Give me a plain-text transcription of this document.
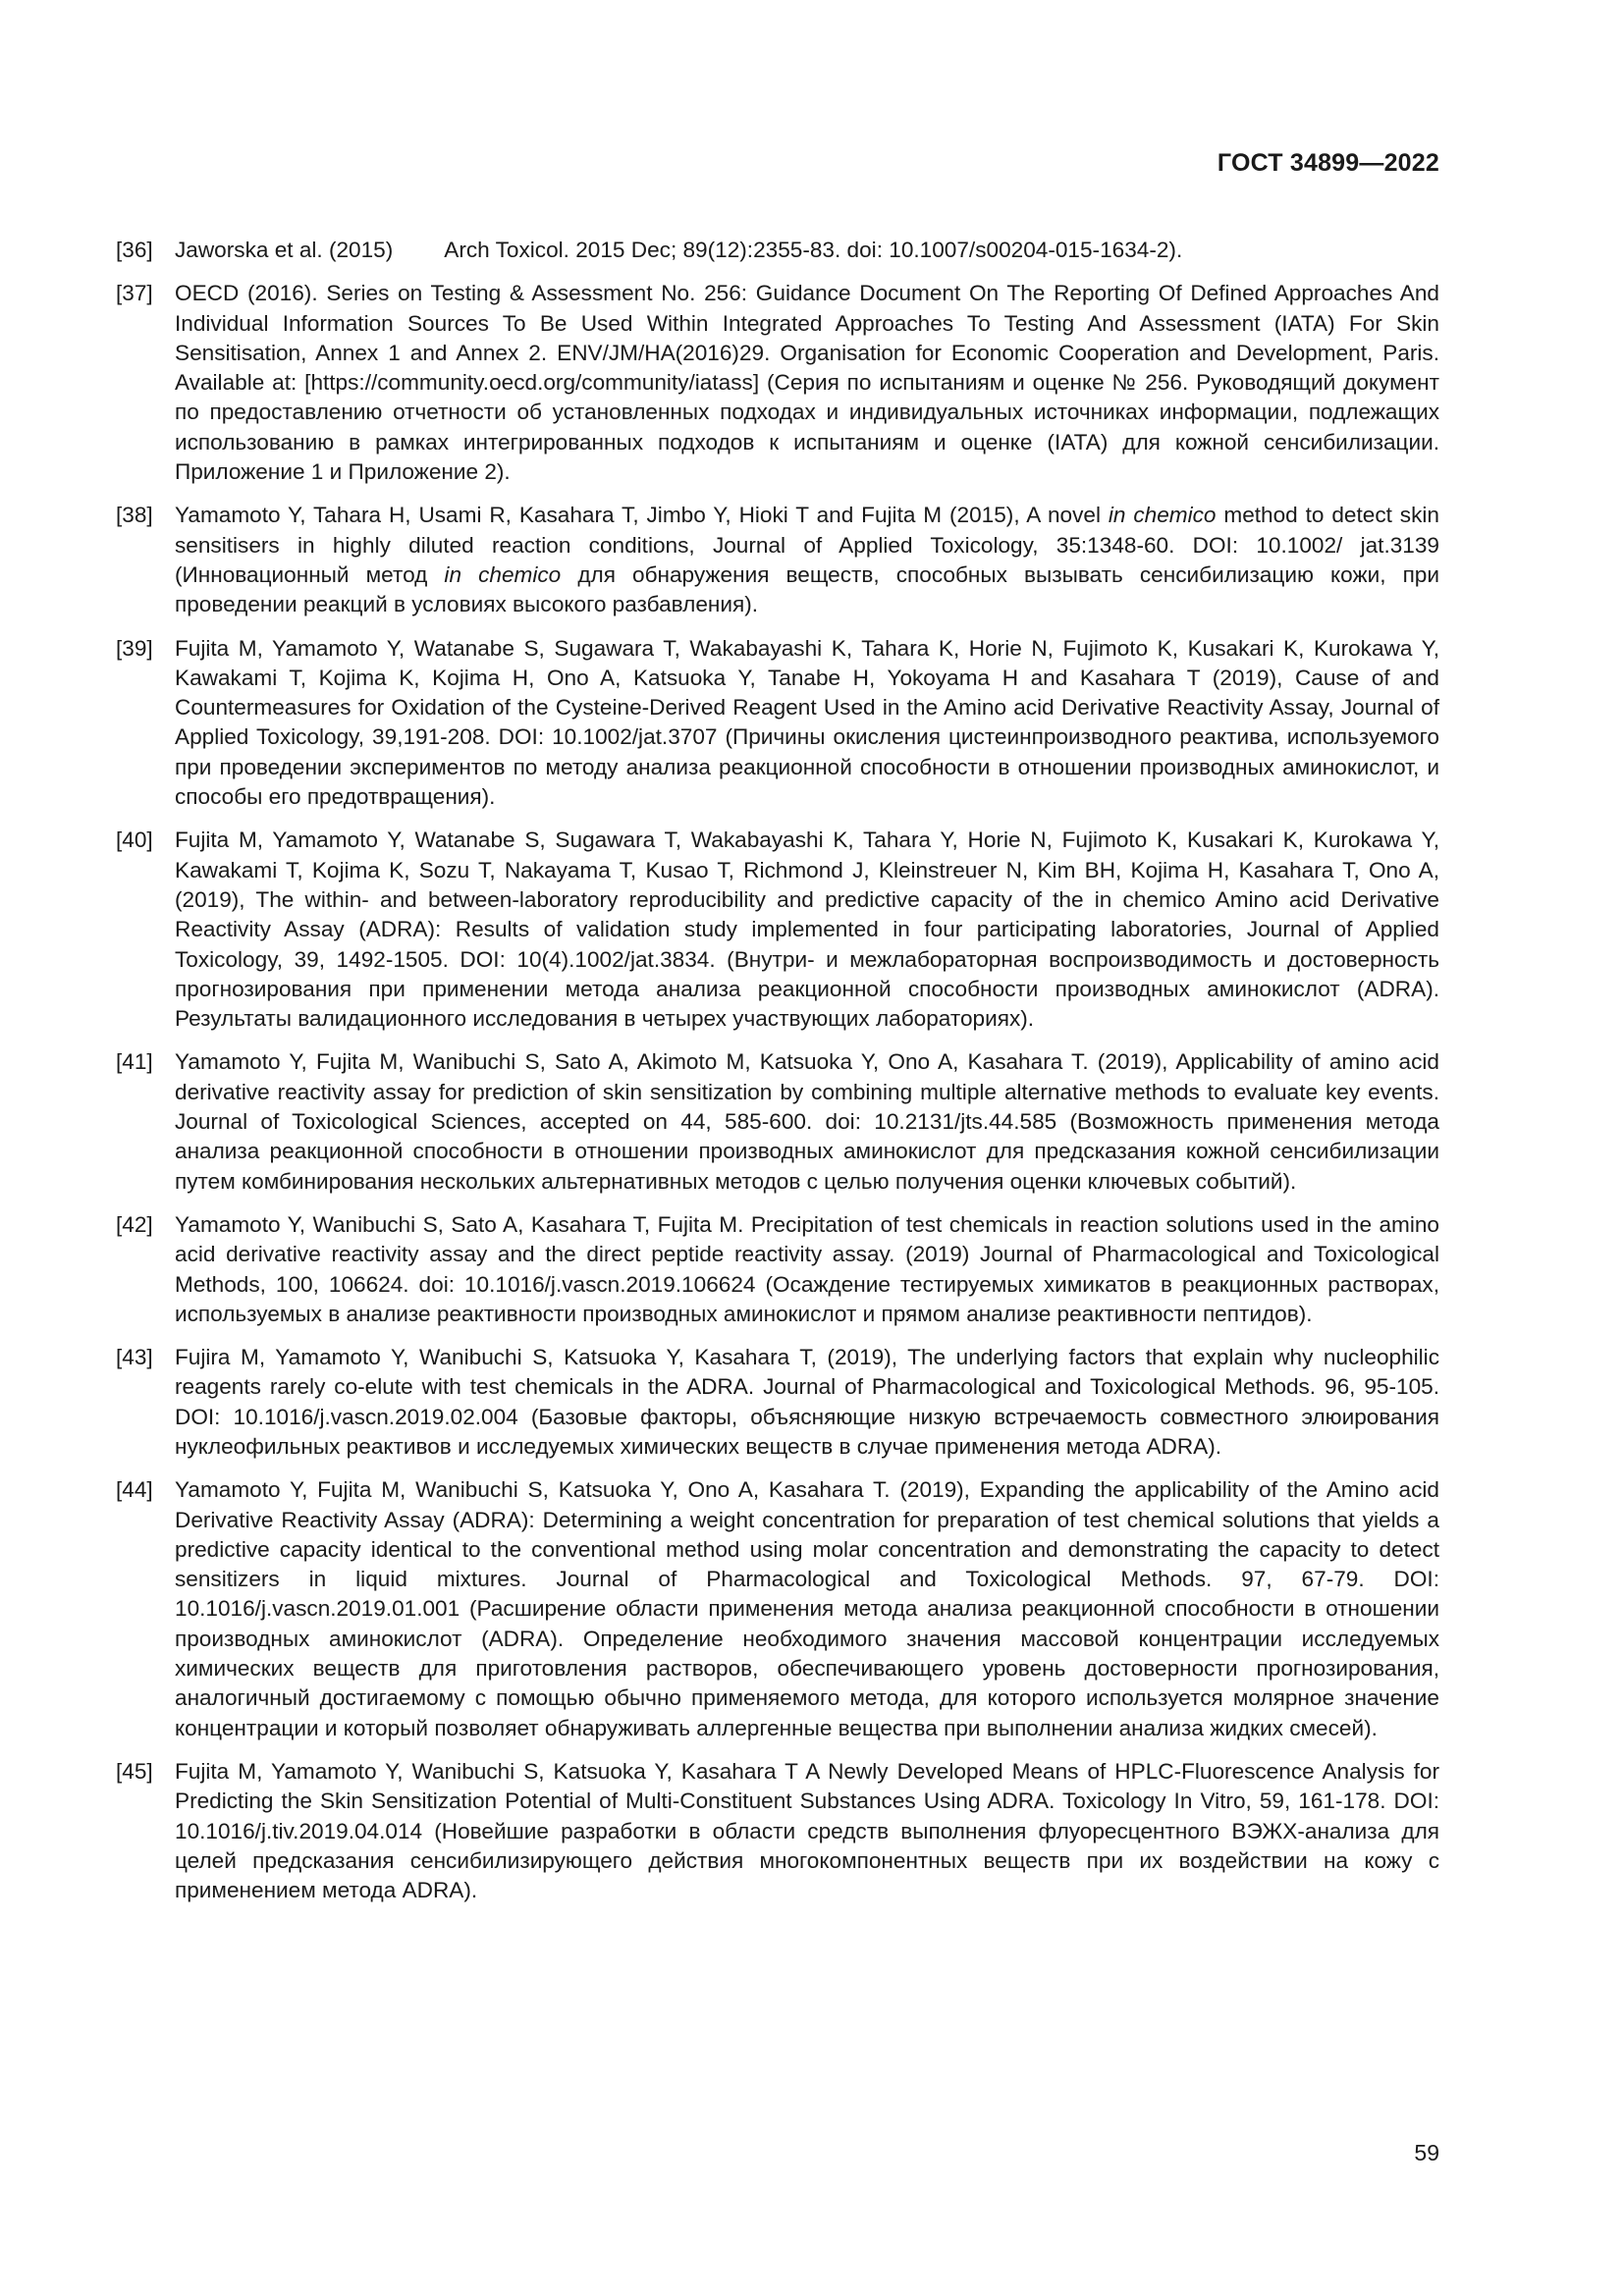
ГОСТ 34899—2022
[36] Jaworska et al. (2015) Arch Toxicol. 2015 Dec; 89(12):2355-83. doi: 10.1007/s00204-015-1634-2).
[37] OECD (2016). Series on Testing & Assessment No. 256: Guidance Document On The Reporting Of Defined Approaches And Individual Information Sources To Be Used Within Integrated Approaches To Testing And Assessment (IATA) For Skin Sensitisation, Annex 1 and Annex 2. ENV/JM/HA(2016)29. Organisation for Economic Cooperation and Development, Paris. Available at: [https://community.oecd.org/community/iatass] (Серия по испытаниям и оценке № 256. Руководящий документ по предоставлению отчетности об установленных подходах и индивидуальных источниках информации, подлежащих использованию в рамках интегрированных подходов к испытаниям и оценке (IATA) для кожной сенсибилизации. Приложение 1 и Приложение 2).
[38] Yamamoto Y, Tahara H, Usami R, Kasahara T, Jimbo Y, Hioki T and Fujita M (2015), A novel in chemico method to detect skin sensitisers in highly diluted reaction conditions, Journal of Applied Toxicology, 35:1348-60. DOI: 10.1002/ jat.3139 (Инновационный метод in chemico для обнаружения веществ, способных вызывать сенсибилизацию кожи, при проведении реакций в условиях высокого разбавления).
[39] Fujita M, Yamamoto Y, Watanabe S, Sugawara T, Wakabayashi K, Tahara K, Horie N, Fujimoto K, Kusakari K, Kurokawa Y, Kawakami T, Kojima K, Kojima H, Ono A, Katsuoka Y, Tanabe H, Yokoyama H and Kasahara T (2019), Cause of and Countermeasures for Oxidation of the Cysteine-Derived Reagent Used in the Amino acid Derivative Reactivity Assay, Journal of Applied Toxicology, 39,191-208. DOI: 10.1002/jat.3707 (Причины окисления цистеинпроизводного реактива, используемого при проведении экспериментов по методу анализа реакционной способности в отношении производных аминокислот, и способы его предотвращения).
[40] Fujita M, Yamamoto Y, Watanabe S, Sugawara T, Wakabayashi K, Tahara Y, Horie N, Fujimoto K, Kusakari K, Kurokawa Y, Kawakami T, Kojima K, Sozu T, Nakayama T, Kusao T, Richmond J, Kleinstreuer N, Kim BH, Kojima H, Kasahara T, Ono A, (2019), The within- and between-laboratory reproducibility and predictive capacity of the in chemico Amino acid Derivative Reactivity Assay (ADRA): Results of validation study implemented in four participating laboratories, Journal of Applied Toxicology, 39, 1492-1505. DOI: 10(4).1002/jat.3834. (Внутри- и межлабораторная воспроизводимость и достоверность прогнозирования при применении метода анализа реакционной способности производных аминокислот (ADRA). Результаты валидационного исследования в четырех участвующих лабораториях).
[41] Yamamoto Y, Fujita M, Wanibuchi S, Sato A, Akimoto M, Katsuoka Y, Ono A, Kasahara T. (2019), Applicability of amino acid derivative reactivity assay for prediction of skin sensitization by combining multiple alternative methods to evaluate key events. Journal of Toxicological Sciences, accepted on 44, 585-600. doi: 10.2131/jts.44.585 (Возможность применения метода анализа реакционной способности в отношении производных аминокислот для предсказания кожной сенсибилизации путем комбинирования нескольких альтернативных методов с целью получения оценки ключевых событий).
[42] Yamamoto Y, Wanibuchi S, Sato A, Kasahara T, Fujita M. Precipitation of test chemicals in reaction solutions used in the amino acid derivative reactivity assay and the direct peptide reactivity assay. (2019) Journal of Pharmacological and Toxicological Methods, 100, 106624. doi: 10.1016/j.vascn.2019.106624 (Осаждение тестируемых химикатов в реакционных растворах, используемых в анализе реактивности производных аминокислот и прямом анализе реактивности пептидов).
[43] Fujira M, Yamamoto Y, Wanibuchi S, Katsuoka Y, Kasahara T, (2019), The underlying factors that explain why nucleophilic reagents rarely co-elute with test chemicals in the ADRA. Journal of Pharmacological and Toxicological Methods. 96, 95-105. DOI: 10.1016/j.vascn.2019.02.004 (Базовые факторы, объясняющие низкую встречаемость совместного элюирования нуклеофильных реактивов и исследуемых химических веществ в случае применения метода ADRA).
[44] Yamamoto Y, Fujita M, Wanibuchi S, Katsuoka Y, Ono A, Kasahara T. (2019), Expanding the applicability of the Amino acid Derivative Reactivity Assay (ADRA): Determining a weight concentration for preparation of test chemical solutions that yields a predictive capacity identical to the conventional method using molar concentration and demonstrating the capacity to detect sensitizers in liquid mixtures. Journal of Pharmacological and Toxicological Methods. 97, 67-79. DOI: 10.1016/j.vascn.2019.01.001 (Расширение области применения метода анализа реакционной способности в отношении производных аминокислот (ADRA). Определение необходимого значения массовой концентрации исследуемых химических веществ для приготовления растворов, обеспечивающего уровень достоверности прогнозирования, аналогичный достигаемому с помощью обычно применяемого метода, для которого используется молярное значение концентрации и который позволяет обнаруживать аллергенные вещества при выполнении анализа жидких смесей).
[45] Fujita M, Yamamoto Y, Wanibuchi S, Katsuoka Y, Kasahara T A Newly Developed Means of HPLC-Fluorescence Analysis for Predicting the Skin Sensitization Potential of Multi-Constituent Substances Using ADRA. Toxicology In Vitro, 59, 161-178. DOI: 10.1016/j.tiv.2019.04.014 (Новейшие разработки в области средств выполнения флуоресцентного ВЭЖХ-анализа для целей предсказания сенсибилизирующего действия многокомпонентных веществ при их воздействии на кожу с применением метода ADRA).
59
